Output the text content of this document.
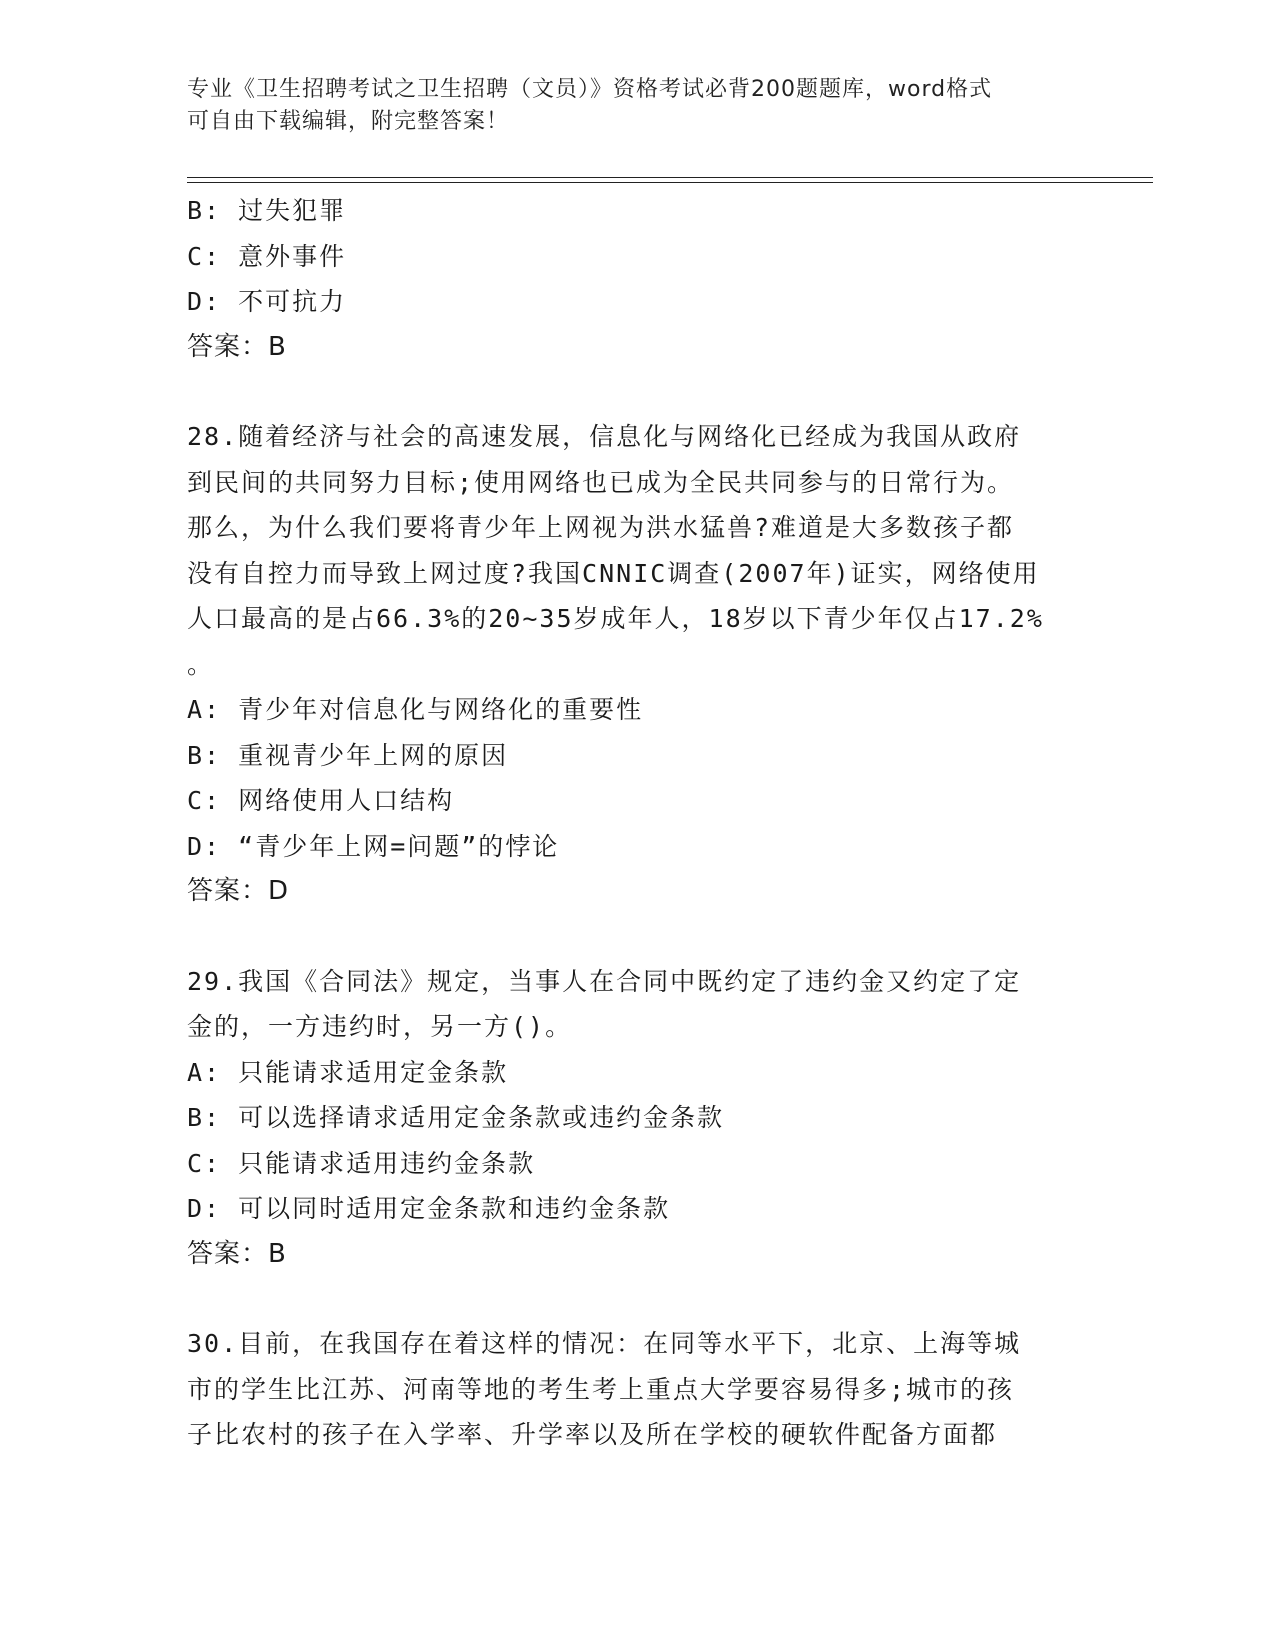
专业《卫生招聘考试之卫生招聘（文员）》资格考试必背200题题库，word格式
可自由下载编辑，附完整答案！
B: 过失犯罪
C: 意外事件
D: 不可抗力
答案：B
28.随着经济与社会的高速发展，信息化与网络化已经成为我国从政府
到民间的共同努力目标;使用网络也已成为全民共同参与的日常行为。
那么，为什么我们要将青少年上网视为洪水猛兽?难道是大多数孩子都
没有自控力而导致上网过度?我国CNNIC调查(2007年)证实，网络使用
人口最高的是占66.3%的20~35岁成年人，18岁以下青少年仅占17.2%
。
A: 青少年对信息化与网络化的重要性
B: 重视青少年上网的原因
C: 网络使用人口结构
D: “青少年上网=问题”的悖论
答案：D
29.我国《合同法》规定，当事人在合同中既约定了违约金又约定了定
金的，一方违约时，另一方()。
A: 只能请求适用定金条款
B: 可以选择请求适用定金条款或违约金条款
C: 只能请求适用违约金条款
D: 可以同时适用定金条款和违约金条款
答案：B
30.目前，在我国存在着这样的情况：在同等水平下，北京、上海等城
市的学生比江苏、河南等地的考生考上重点大学要容易得多;城市的孩
子比农村的孩子在入学率、升学率以及所在学校的硬软件配备方面都
